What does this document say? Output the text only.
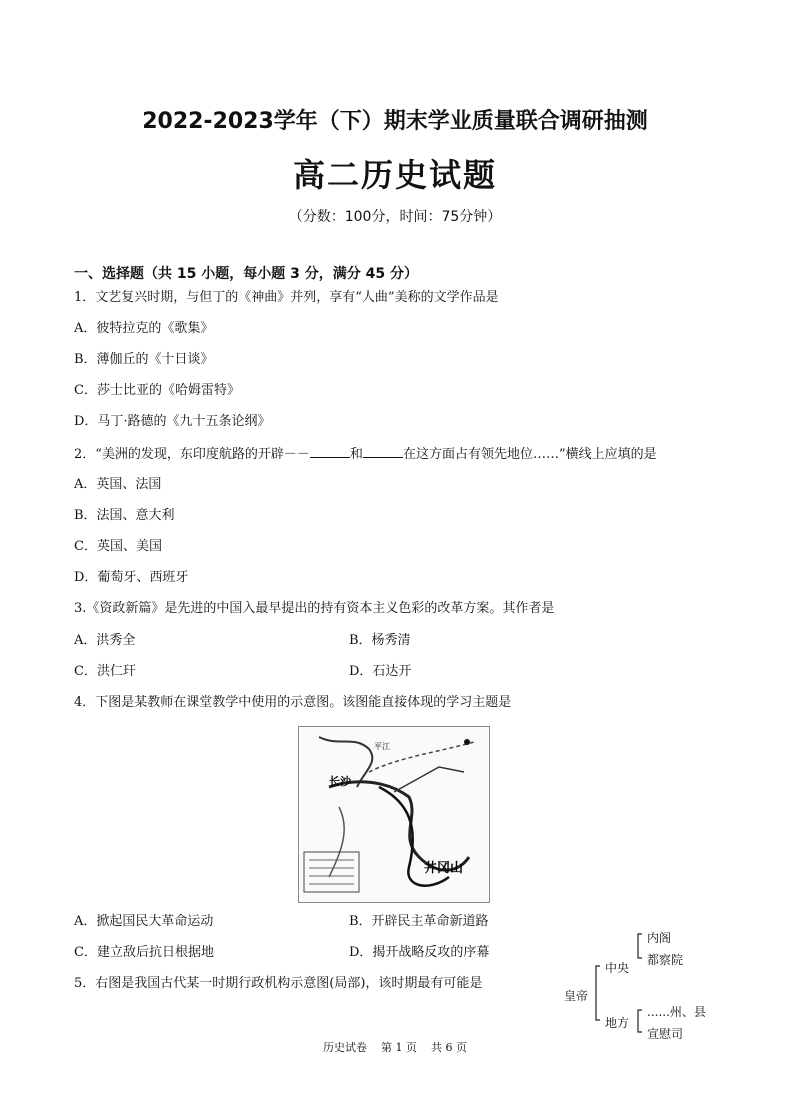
2022-2023学年（下）期末学业质量联合调研抽测
高二历史试题
（分数：100分，时间：75分钟）
一、选择题（共 15 小题，每小题 3 分，满分 45 分）
1．文艺复兴时期，与但丁的《神曲》并列，享有“人曲”美称的文学作品是
A．彼特拉克的《歌集》
B．薄伽丘的《十日谈》
C．莎士比亚的《哈姆雷特》
D．马丁·路德的《九十五条论纲》
2．“美洲的发现，东印度航路的开辟－－	和	在这方面占有领先地位……”横线上应填的是
A．英国、法国
B．法国、意大利
C．英国、美国
D．葡萄牙、西班牙
3.《资政新篇》是先进的中国入最早提出的持有资本主义色彩的改革方案。其作者是
A．洪秀全	B．杨秀清
C．洪仁玕	D．石达开
4．下图是某教师在课堂教学中使用的示意图。该图能直接体现的学习主题是
长沙
平江
井冈山
A．掀起国民大革命运动	B．开辟民主革命新道路
C．建立敌后抗日根据地	D．揭开战略反攻的序幕
5．右图是我国古代某一时期行政机构示意图(局部)，该时期最有可能是
皇帝
中央
内阁
都察院
地方
......州、县
宣慰司
历史试卷 第 1 页 共 6 页
